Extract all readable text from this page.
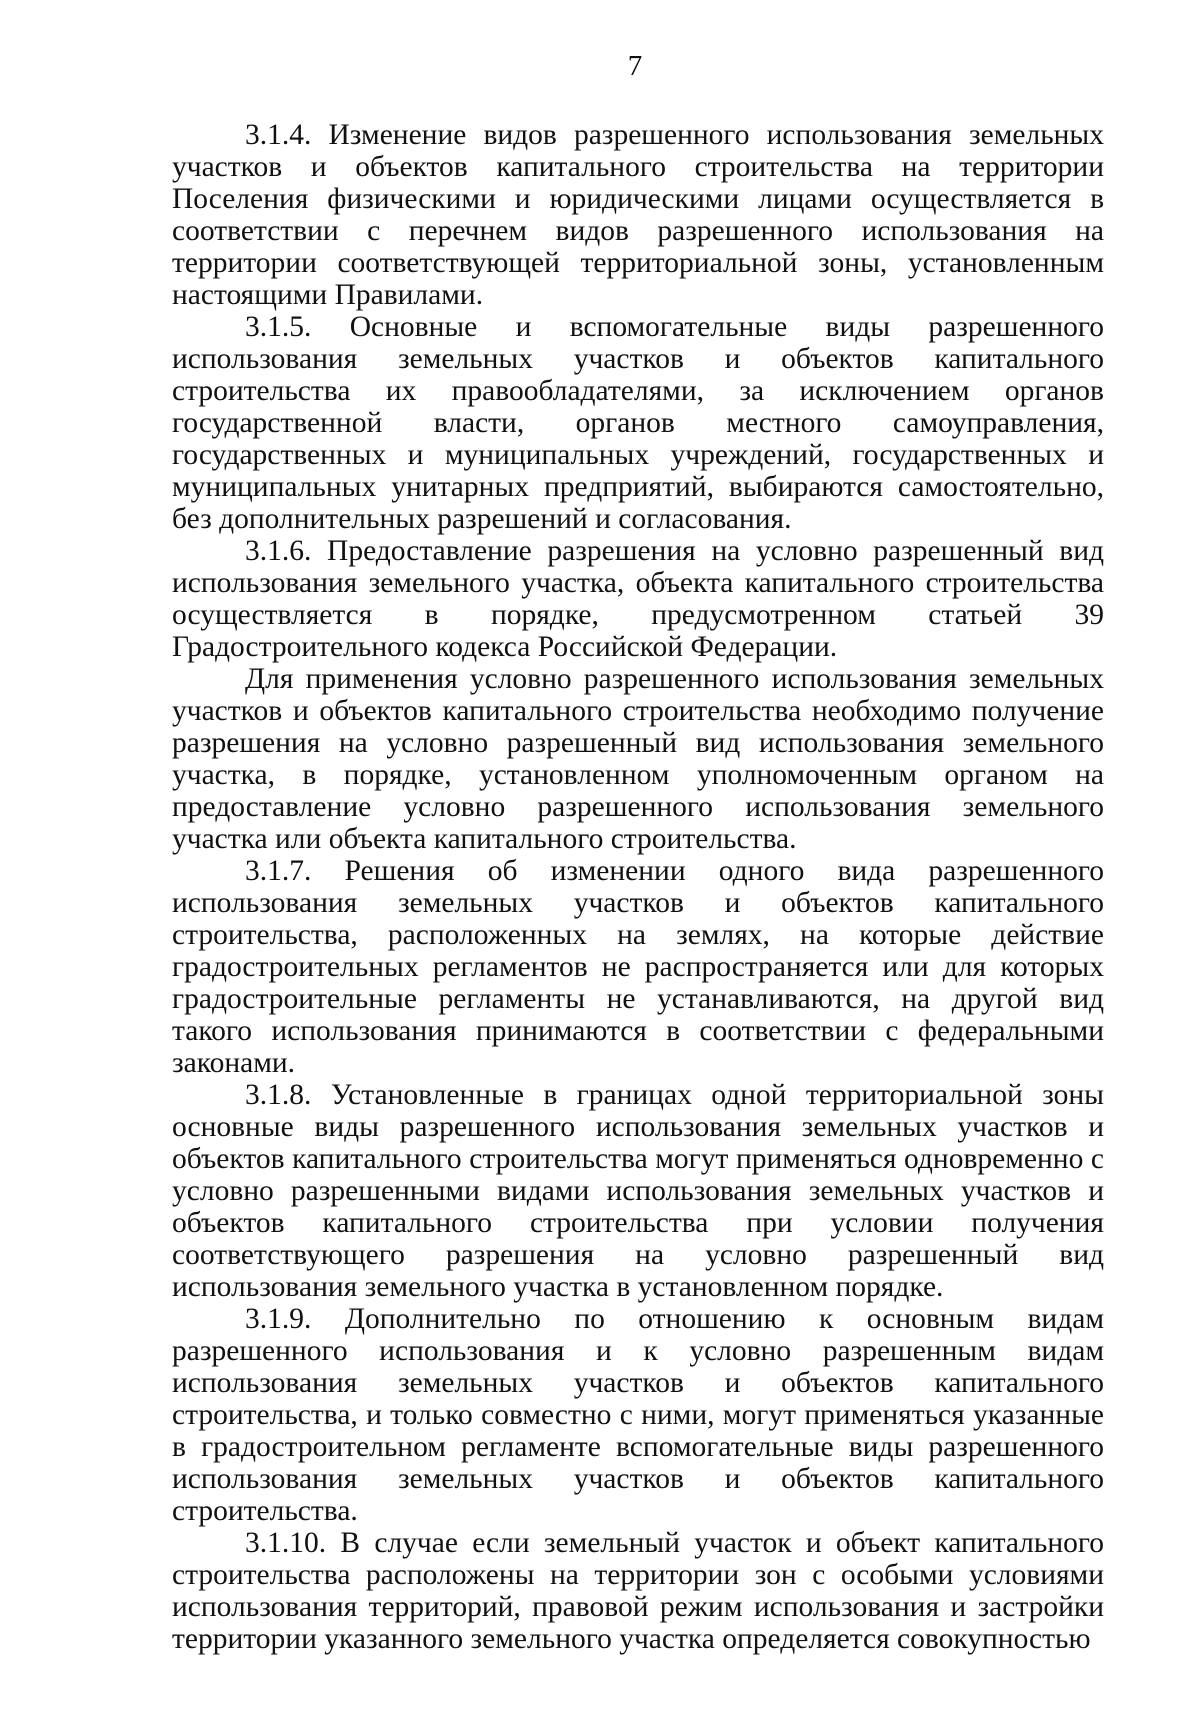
7

3.1.4. Изменение видов разрешенного использования земельных участков и объектов капитального строительства на территории Поселения физическими и юридическими лицами осуществляется в соответствии с перечнем видов разрешенного использования на территории соответствующей территориальной зоны, установленным настоящими Правилами.

3.1.5. Основные и вспомогательные виды разрешенного использования земельных участков и объектов капитального строительства их правообладателями, за исключением органов государственной власти, органов местного самоуправления, государственных и муниципальных учреждений, государственных и муниципальных унитарных предприятий, выбираются самостоятельно, без дополнительных разрешений и согласования.

3.1.6. Предоставление разрешения на условно разрешенный вид использования земельного участка, объекта капитального строительства осуществляется в порядке, предусмотренном статьей 39 Градостроительного кодекса Российской Федерации.

Для применения условно разрешенного использования земельных участков и объектов капитального строительства необходимо получение разрешения на условно разрешенный вид использования земельного участка, в порядке, установленном уполномоченным органом на предоставление условно разрешенного использования земельного участка или объекта капитального строительства.

3.1.7. Решения об изменении одного вида разрешенного использования земельных участков и объектов капитального строительства, расположенных на землях, на которые действие градостроительных регламентов не распространяется или для которых градостроительные регламенты не устанавливаются, на другой вид такого использования принимаются в соответствии с федеральными законами.

3.1.8. Установленные в границах одной территориальной зоны основные виды разрешенного использования земельных участков и объектов капитального строительства могут применяться одновременно с условно разрешенными видами использования земельных участков и объектов капитального строительства при условии получения соответствующего разрешения на условно разрешенный вид использования земельного участка в установленном порядке.

3.1.9. Дополнительно по отношению к основным видам разрешенного использования и к условно разрешенным видам использования земельных участков и объектов капитального строительства, и только совместно с ними, могут применяться указанные в градостроительном регламенте вспомогательные виды разрешенного использования земельных участков и объектов капитального строительства.

3.1.10. В случае если земельный участок и объект капитального строительства расположены на территории зон с особыми условиями использования территорий, правовой режим использования и застройки территории указанного земельного участка определяется совокупностью
